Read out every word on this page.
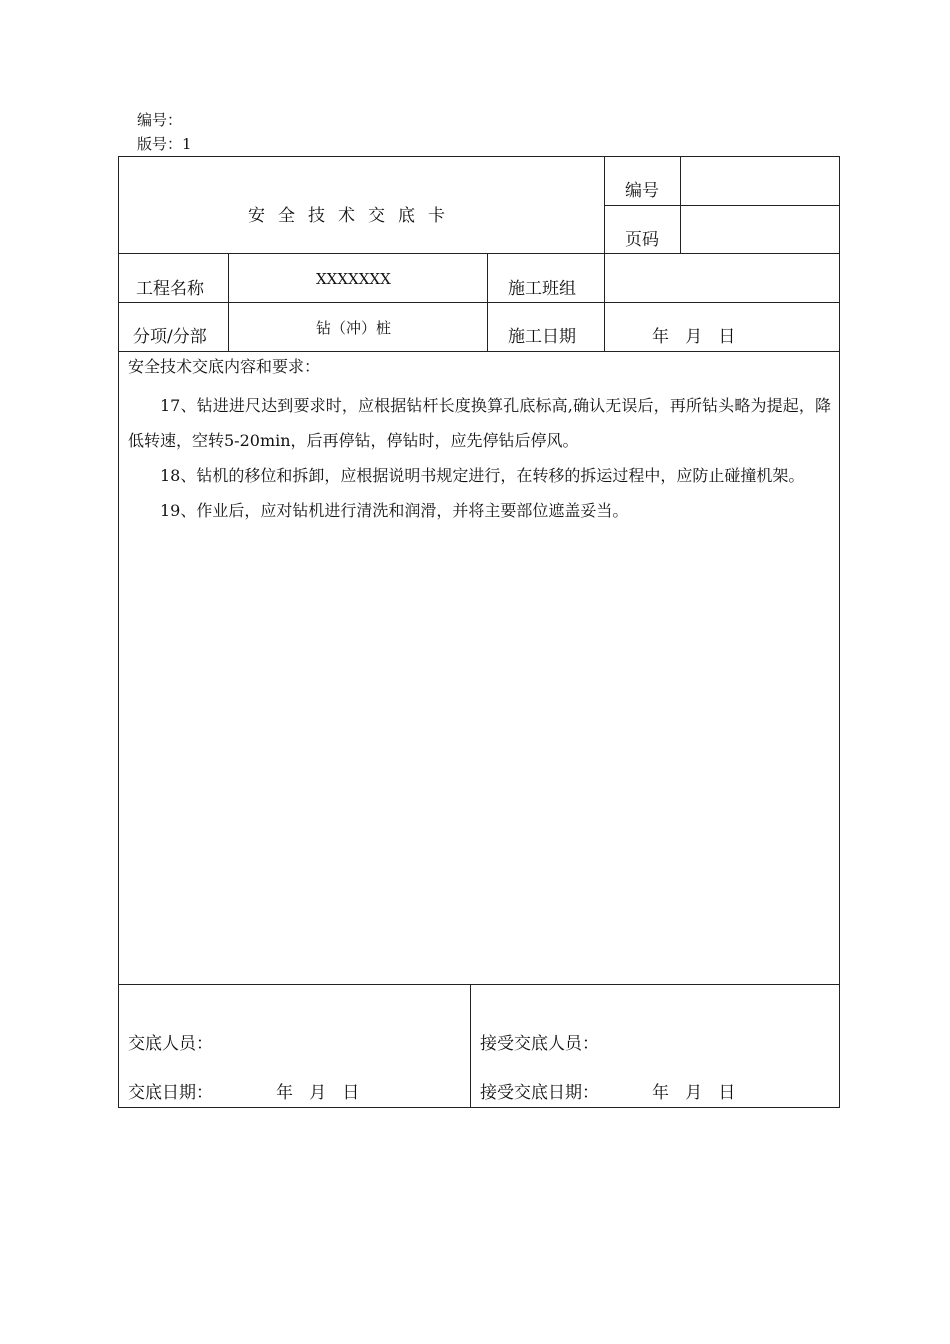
编号：
版号：1
安全技术交底卡
编号
页码
工程名称	XXXXXXX	施工班组
分项/分部	钻（冲）桩	施工日期	年   月   日
安全技术交底内容和要求：

17、钻进进尺达到要求时，应根据钻杆长度换算孔底标高,确认无误后，再所钻头略为提起，降低转速，空转5-20min，后再停钻，停钻时，应先停钻后停风。

18、钻机的移位和拆卸，应根据说明书规定进行，在转移的拆运过程中，应防止碰撞机架。

19、作业后，应对钻机进行清洗和润滑，并将主要部位遮盖妥当。

交底人员：
交底日期：	年   月   日
接受交底人员：
接受交底日期：	年   月   日
